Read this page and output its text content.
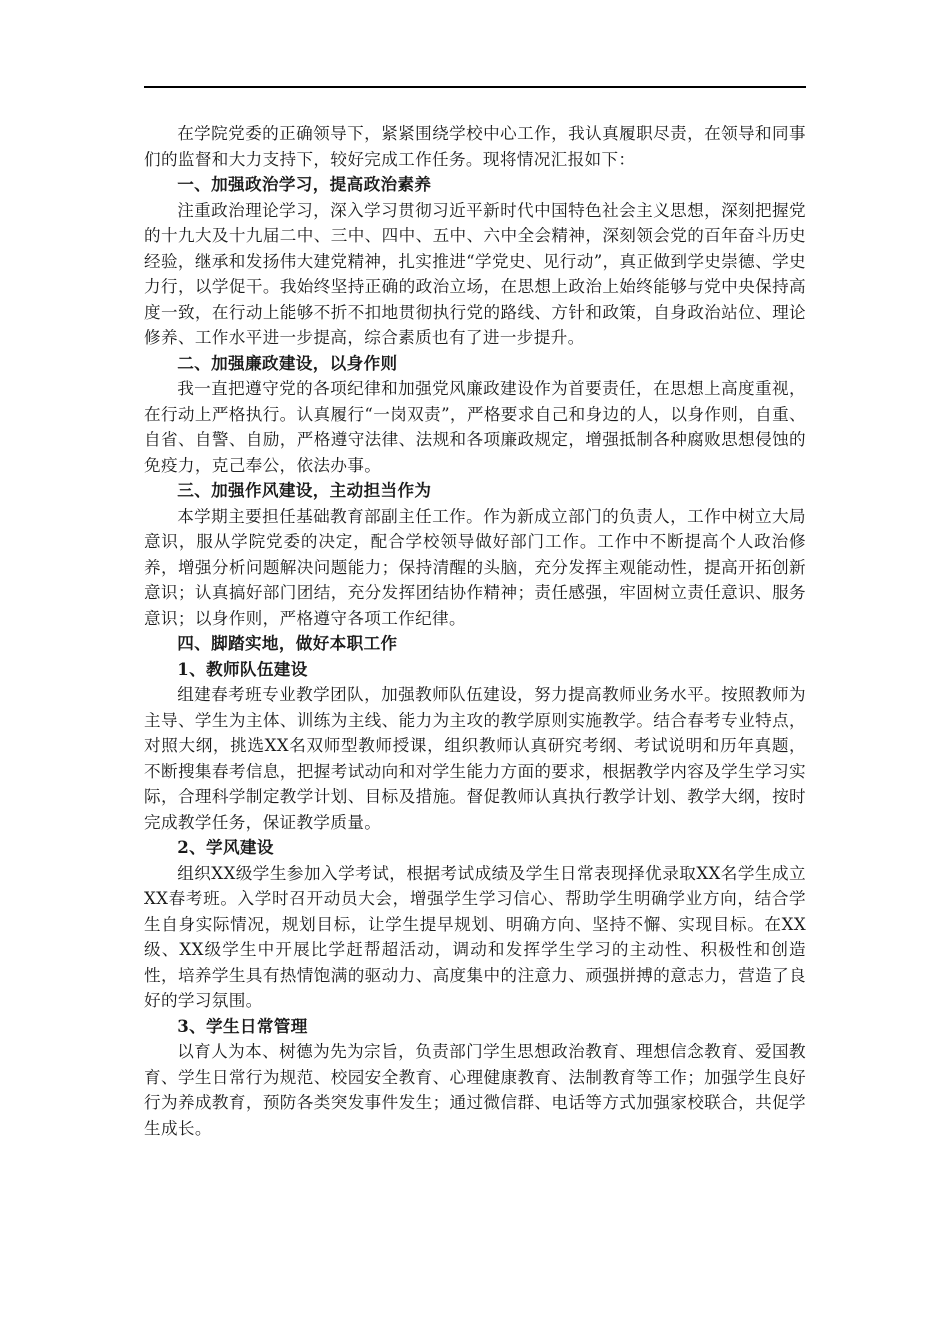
在学院党委的正确领导下，紧紧围绕学校中心工作，我认真履职尽责，在领导和同事们的监督和大力支持下，较好完成工作任务。现将情况汇报如下：

一、加强政治学习，提高政治素养

注重政治理论学习，深入学习贯彻习近平新时代中国特色社会主义思想，深刻把握党的十九大及十九届二中、三中、四中、五中、六中全会精神，深刻领会党的百年奋斗历史经验，继承和发扬伟大建党精神，扎实推进“学党史、见行动”，真正做到学史崇德、学史力行，以学促干。我始终坚持正确的政治立场，在思想上政治上始终能够与党中央保持高度一致，在行动上能够不折不扣地贯彻执行党的路线、方针和政策，自身政治站位、理论修养、工作水平进一步提高，综合素质也有了进一步提升。

二、加强廉政建设，以身作则

我一直把遵守党的各项纪律和加强党风廉政建设作为首要责任，在思想上高度重视，在行动上严格执行。认真履行“一岗双责”，严格要求自己和身边的人，以身作则，自重、自省、自警、自励，严格遵守法律、法规和各项廉政规定，增强抵制各种腐败思想侵蚀的免疫力，克己奉公，依法办事。

三、加强作风建设，主动担当作为

本学期主要担任基础教育部副主任工作。作为新成立部门的负责人，工作中树立大局意识，服从学院党委的决定，配合学校领导做好部门工作。工作中不断提高个人政治修养，增强分析问题解决问题能力；保持清醒的头脑，充分发挥主观能动性，提高开拓创新意识；认真搞好部门团结，充分发挥团结协作精神；责任感强，牢固树立责任意识、服务意识；以身作则，严格遵守各项工作纪律。

四、脚踏实地，做好本职工作

1、教师队伍建设

组建春考班专业教学团队，加强教师队伍建设，努力提高教师业务水平。按照教师为主导、学生为主体、训练为主线、能力为主攻的教学原则实施教学。结合春考专业特点，对照大纲，挑选XX名双师型教师授课，组织教师认真研究考纲、考试说明和历年真题，不断搜集春考信息，把握考试动向和对学生能力方面的要求，根据教学内容及学生学习实际，合理科学制定教学计划、目标及措施。督促教师认真执行教学计划、教学大纲，按时完成教学任务，保证教学质量。

2、学风建设

组织XX级学生参加入学考试，根据考试成绩及学生日常表现择优录取XX名学生成立XX春考班。入学时召开动员大会，增强学生学习信心、帮助学生明确学业方向，结合学生自身实际情况，规划目标，让学生提早规划、明确方向、坚持不懈、实现目标。在XX级、XX级学生中开展比学赶帮超活动，调动和发挥学生学习的主动性、积极性和创造性，培养学生具有热情饱满的驱动力、高度集中的注意力、顽强拼搏的意志力，营造了良好的学习氛围。

3、学生日常管理

以育人为本、树德为先为宗旨，负责部门学生思想政治教育、理想信念教育、爱国教育、学生日常行为规范、校园安全教育、心理健康教育、法制教育等工作；加强学生良好行为养成教育，预防各类突发事件发生；通过微信群、电话等方式加强家校联合，共促学生成长。
